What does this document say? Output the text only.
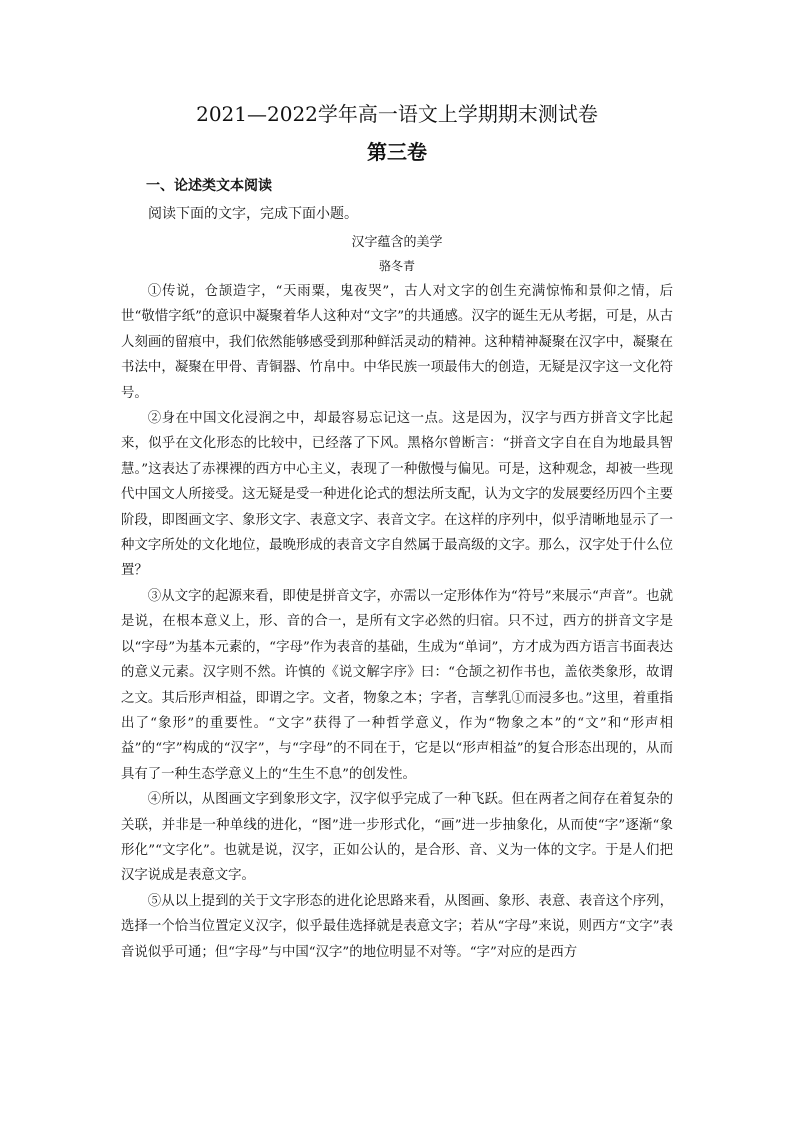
2021—2022学年高一语文上学期期末测试卷
第三卷
一、论述类文本阅读
阅读下面的文字，完成下面小题。
汉字蕴含的美学
骆冬青

①传说，仓颉造字，“天雨粟，鬼夜哭”，古人对文字的创生充满惊怖和景仰之情，后世“敬惜字纸”的意识中凝聚着华人这种对“文字”的共通感。汉字的诞生无从考据，可是，从古人刻画的留痕中，我们依然能够感受到那种鲜活灵动的精神。这种精神凝聚在汉字中，凝聚在书法中，凝聚在甲骨、青铜器、竹帛中。中华民族一项最伟大的创造，无疑是汉字这一文化符号。

②身在中国文化浸润之中，却最容易忘记这一点。这是因为，汉字与西方拼音文字比起来，似乎在文化形态的比较中，已经落了下风。黑格尔曾断言：“拼音文字自在自为地最具智慧。”这表达了赤裸裸的西方中心主义，表现了一种傲慢与偏见。可是，这种观念，却被一些现代中国文人所接受。这无疑是受一种进化论式的想法所支配，认为文字的发展要经历四个主要阶段，即图画文字、象形文字、表意文字、表音文字。在这样的序列中，似乎清晰地显示了一种文字所处的文化地位，最晚形成的表音文字自然属于最高级的文字。那么，汉字处于什么位置？

③从文字的起源来看，即使是拼音文字，亦需以一定形体作为“符号”来展示“声音”。也就是说，在根本意义上，形、音的合一，是所有文字必然的归宿。只不过，西方的拼音文字是以“字母”为基本元素的，“字母”作为表音的基础，生成为“单词”，方才成为西方语言书面表达的意义元素。汉字则不然。许慎的《说文解字序》曰：“仓颉之初作书也，盖依类象形，故谓之文。其后形声相益，即谓之字。文者，物象之本；字者，言孳乳①而浸多也。”这里，着重指出了“象形”的重要性。“文字”获得了一种哲学意义，作为“物象之本”的“文”和“形声相益”的“字”构成的“汉字”，与“字母”的不同在于，它是以“形声相益”的复合形态出现的，从而具有了一种生态学意义上的“生生不息”的创发性。

④所以，从图画文字到象形文字，汉字似乎完成了一种飞跃。但在两者之间存在着复杂的关联，并非是一种单线的进化，“图”进一步形式化，“画”进一步抽象化，从而使“字”逐渐“象形化”“文字化”。也就是说，汉字，正如公认的，是合形、音、义为一体的文字。于是人们把汉字说成是表意文字。

⑤从以上提到的关于文字形态的进化论思路来看，从图画、象形、表意、表音这个序列，选择一个恰当位置定义汉字，似乎最佳选择就是表意文字；若从“字母”来说，则西方“文字”表音说似乎可通；但“字母”与中国“汉字”的地位明显不对等。“字”对应的是西方
